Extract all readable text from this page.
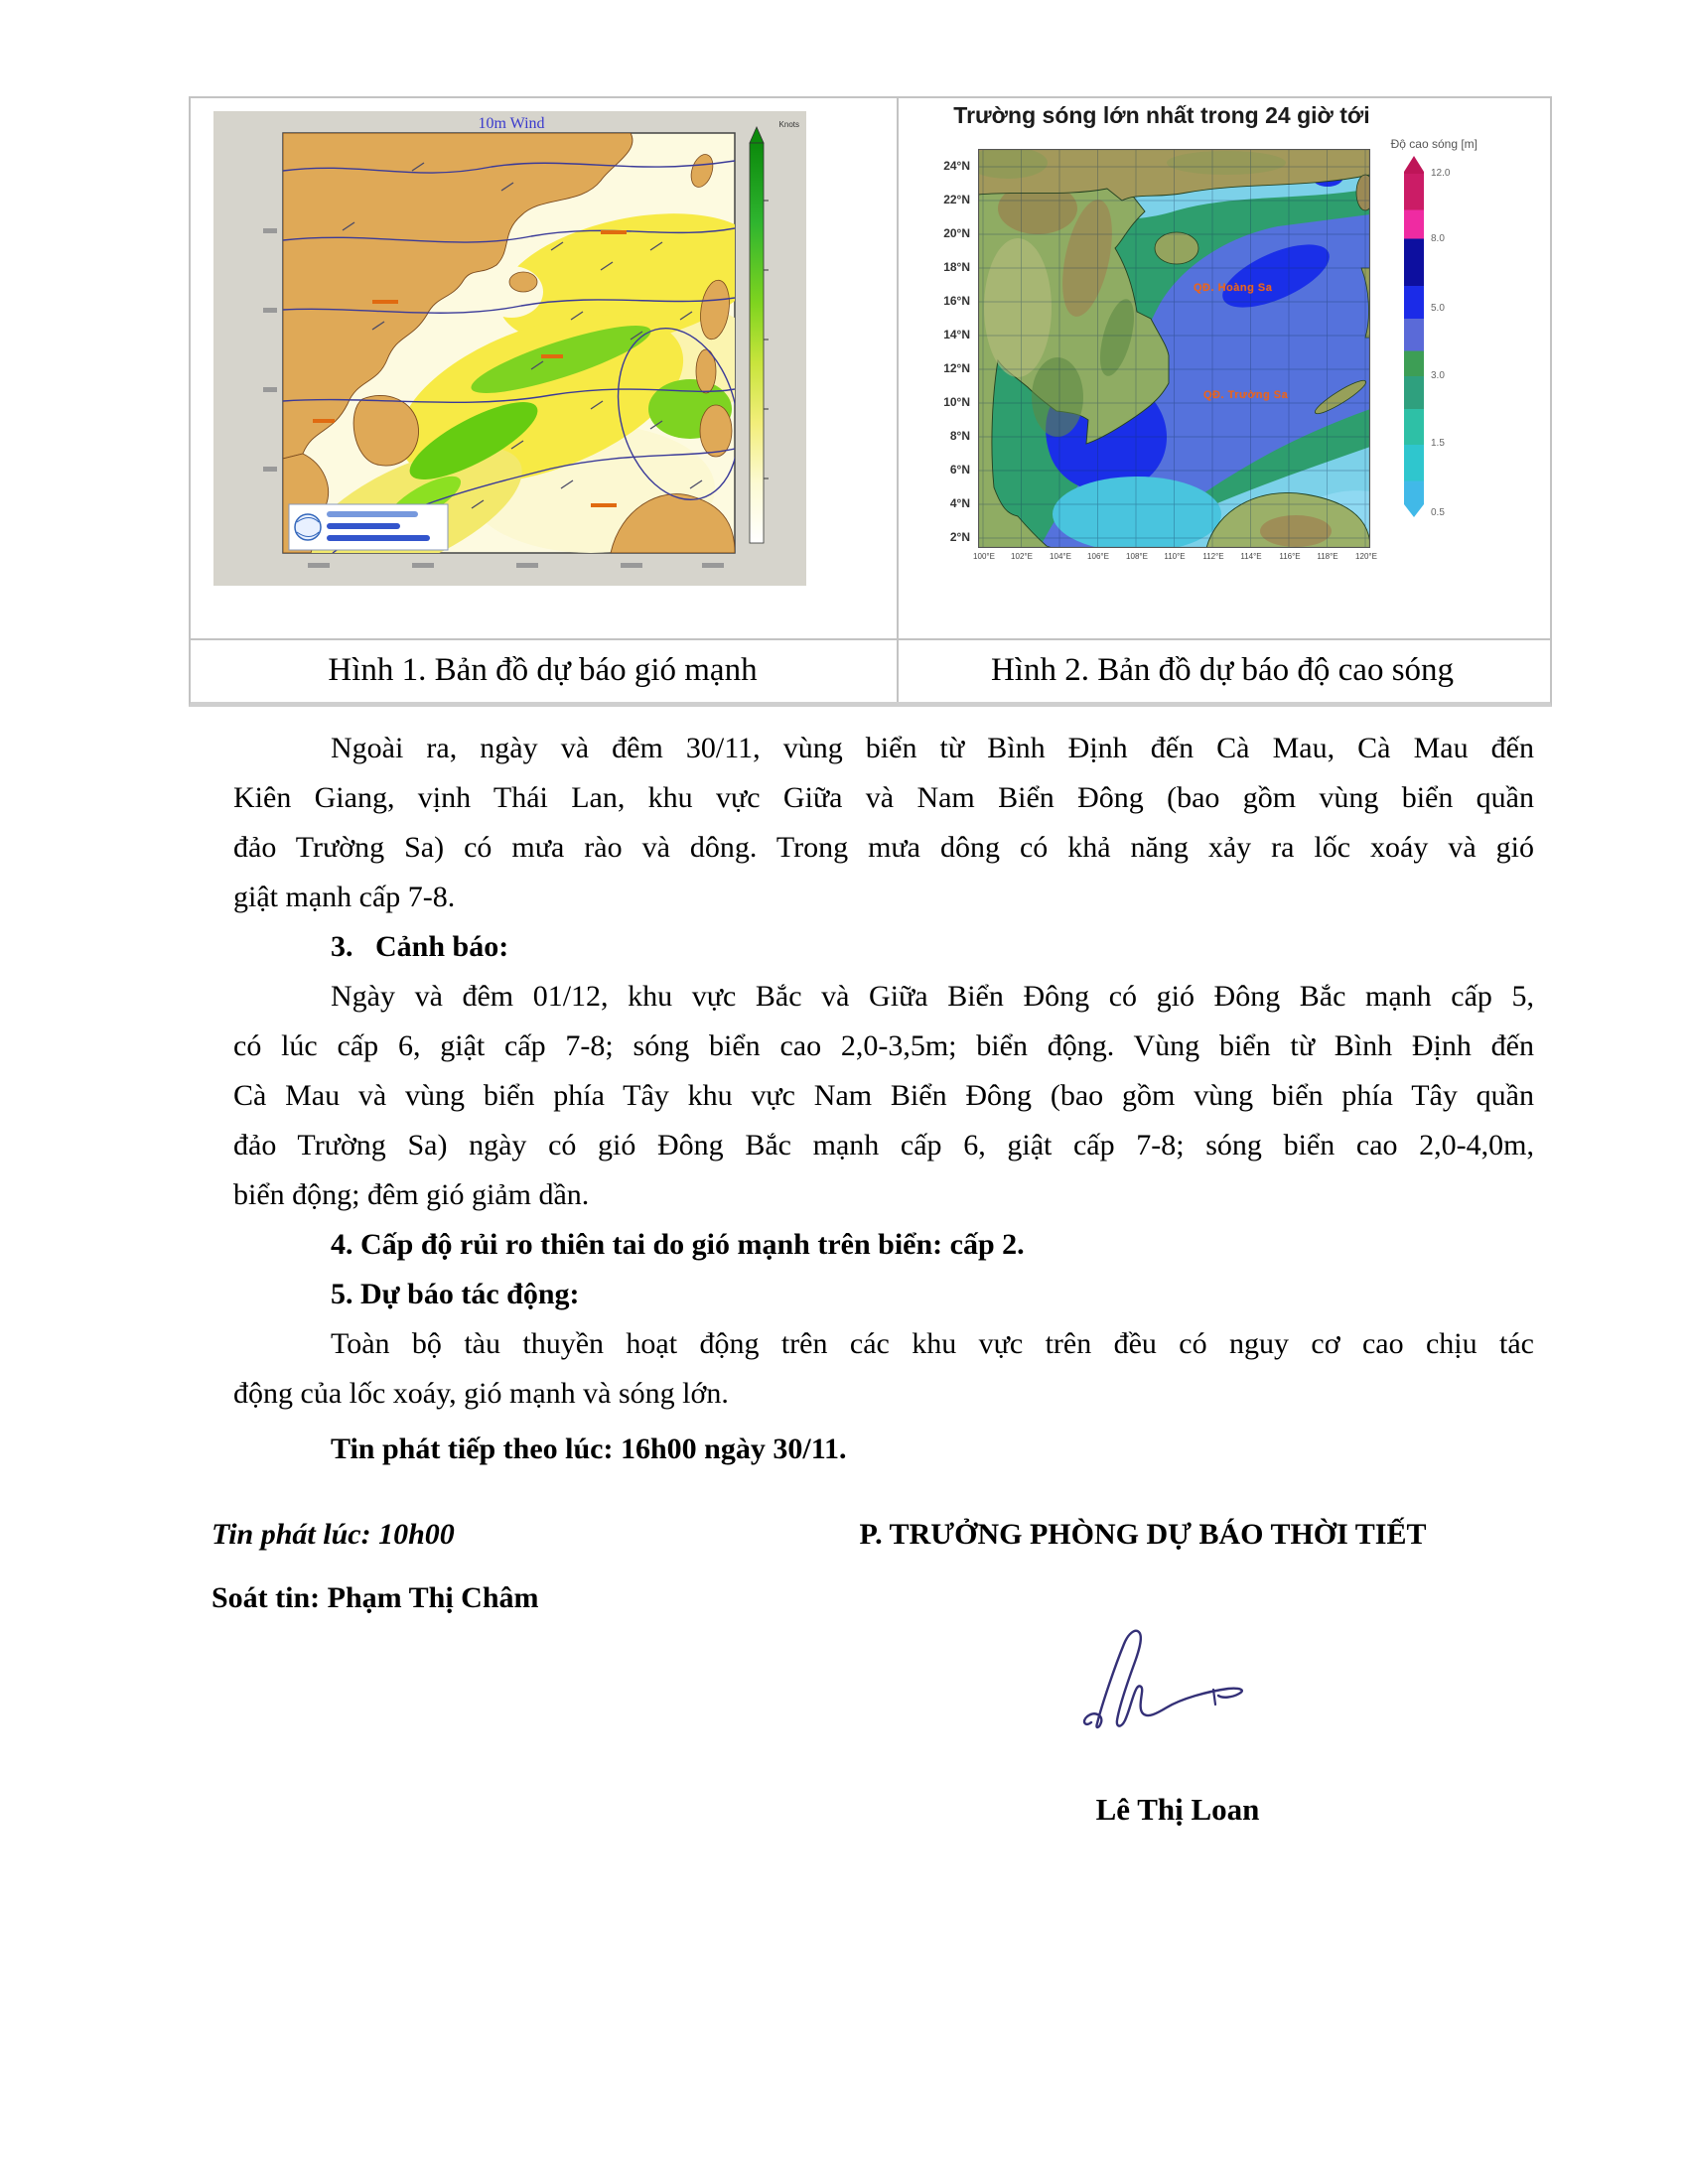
10m Wind	Knots	Trường sóng lớn nhất trong 24 giờ tới
Độ cao sóng [m]
24°N
22°N
20°N
18°N
16°N
14°N
12°N
10°N
8°N
6°N
4°N
2°N
100°E	102°E	104°E	106°E	108°E	110°E	112°E	114°E	116°E	118°E	120°E
QĐ. Hoàng Sa
QĐ. Trường Sa
12.0
8.0
5.0
3.0
1.5
0.5
Hình 1. Bản đồ dự báo gió mạnh	Hình 2. Bản đồ dự báo độ cao sóng
Ngoài ra, ngày và đêm 30/11, vùng biển từ Bình Định đến Cà Mau, Cà Mau đến
Kiên Giang, vịnh Thái Lan, khu vực Giữa và Nam Biển Đông (bao gồm vùng biển quần
đảo Trường Sa) có mưa rào và dông. Trong mưa dông có khả năng xảy ra lốc xoáy và gió
giật mạnh cấp 7-8.
3.   Cảnh báo:
Ngày và đêm 01/12, khu vực Bắc và Giữa Biển Đông có gió Đông Bắc mạnh cấp 5,
có lúc cấp 6, giật cấp 7-8; sóng biển cao 2,0-3,5m; biển động. Vùng biển từ Bình Định đến
Cà Mau và vùng biển phía Tây khu vực Nam Biển Đông (bao gồm vùng biển phía Tây quần
đảo Trường Sa) ngày có gió Đông Bắc mạnh cấp 6, giật cấp 7-8; sóng biển cao 2,0-4,0m,
biển động; đêm gió giảm dần.
4. Cấp độ rủi ro thiên tai do gió mạnh trên biển: cấp 2.
5. Dự báo tác động:
Toàn bộ tàu thuyền hoạt động trên các khu vực trên đều có nguy cơ cao chịu tác
động của lốc xoáy, gió mạnh và sóng lớn.
Tin phát tiếp theo lúc: 16h00 ngày 30/11.
Tin phát lúc: 10h00
Soát tin: Phạm Thị Châm
P. TRƯỞNG PHÒNG DỰ BÁO THỜI TIẾT
Lê Thị Loan
